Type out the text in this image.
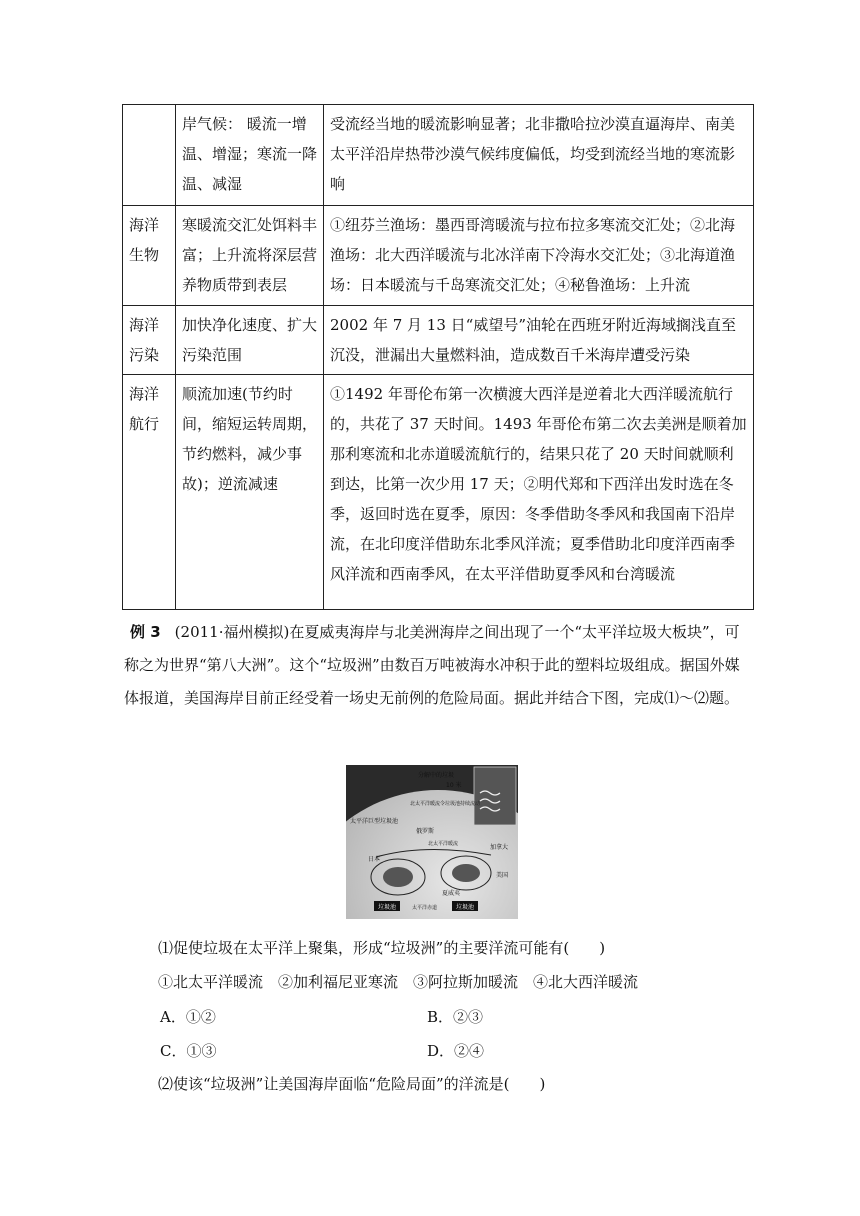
	岸气候： 暖流一增温、增湿；寒流一降温、减湿	受流经当地的暖流影响显著；北非撒哈拉沙漠直逼海岸、南美太平洋沿岸热带沙漠气候纬度偏低，均受到流经当地的寒流影响
海洋生物	寒暖流交汇处饵料丰富；上升流将深层营养物质带到表层	①纽芬兰渔场：墨西哥湾暖流与拉布拉多寒流交汇处；②北海渔场：北大西洋暖流与北冰洋南下冷海水交汇处；③北海道渔场：日本暖流与千岛寒流交汇处；④秘鲁渔场：上升流
海洋污染	加快净化速度、扩大污染范围	2002 年 7 月 13 日“威望号”油轮在西班牙附近海域搁浅直至沉没，泄漏出大量燃料油，造成数百千米海岸遭受污染
海洋航行	顺流加速(节约时间，缩短运转周期，节约燃料，减少事故)；逆流减速	①1492 年哥伦布第一次横渡大西洋是逆着北大西洋暖流航行的，共花了 37 天时间。1493 年哥伦布第二次去美洲是顺着加那利寒流和北赤道暖流航行的，结果只花了 20 天时间就顺利到达，比第一次少用 17 天；②明代郑和下西洋出发时选在冬季，返回时选在夏季，原因：冬季借助冬季风和我国南下沿岸流，在北印度洋借助东北季风洋流；夏季借助北印度洋西南季风洋流和西南季风，在太平洋借助夏季风和台湾暖流
例 3 (2011·福州模拟)在夏威夷海岸与北美洲海岸之间出现了一个“太平洋垃圾大板块”，可称之为世界“第八大洲”。这个“垃圾洲”由数百万吨被海水冲积于此的塑料垃圾组成。据国外媒体报道，美国海岸目前正经受着一场史无前例的危险局面。据此并结合下图，完成⑴～⑵题。
分解中的垃圾
10 米
北太平洋暖流令垃圾池持续流动
太平洋巨型垃圾池
俄罗斯
北太平洋暖流
日本
加拿大
美国
夏威夷
太平洋赤道
垃圾池	垃圾池
⑴促使垃圾在太平洋上聚集，形成“垃圾洲”的主要洋流可能有(　　)
①北太平洋暖流　②加利福尼亚寒流　③阿拉斯加暖流　④北大西洋暖流
A．①②	B．②③
C．①③	D．②④
⑵使该“垃圾洲”让美国海岸面临“危险局面”的洋流是(　　)
